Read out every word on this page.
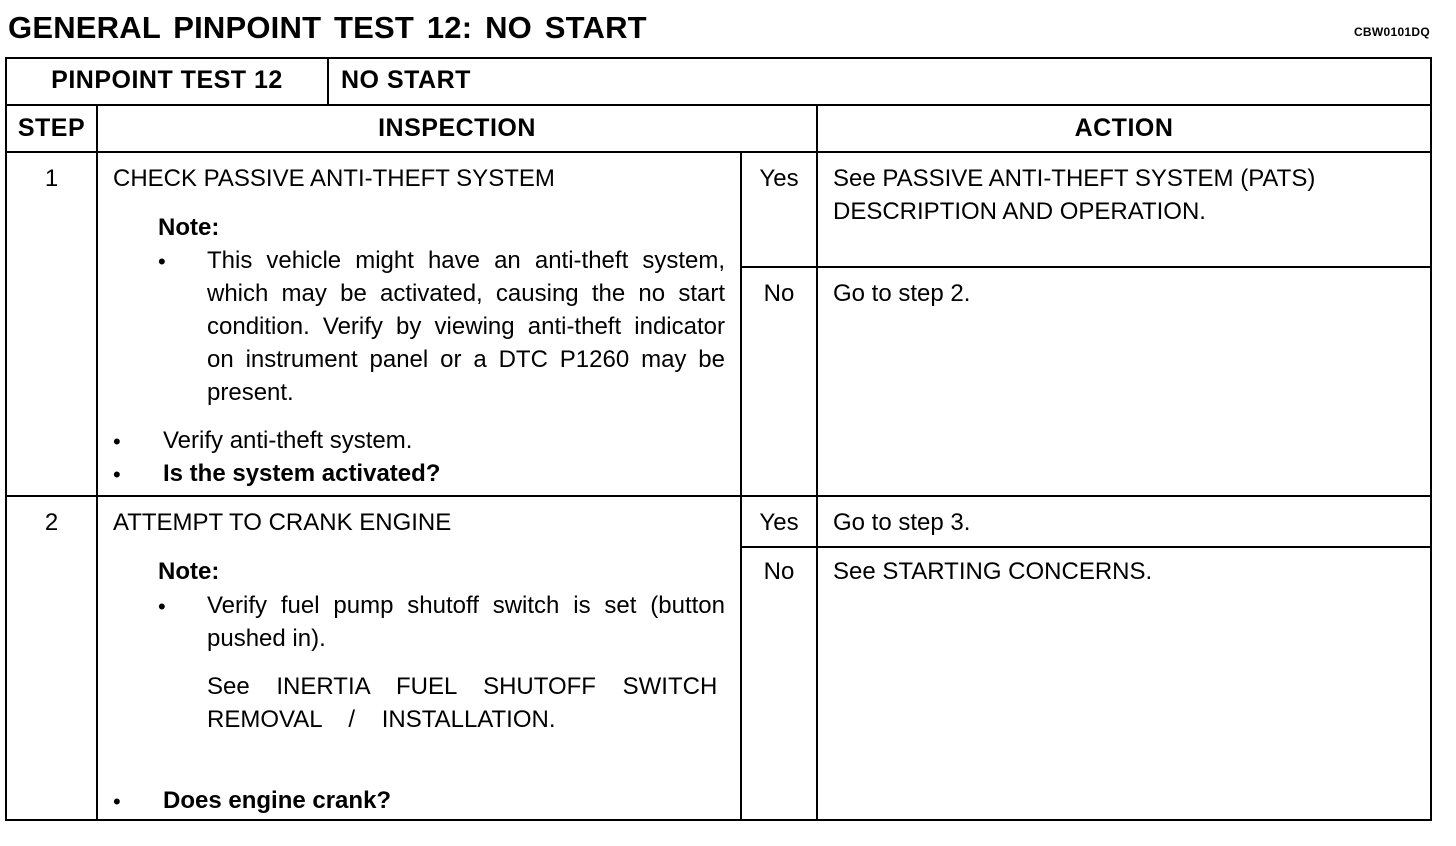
GENERAL PINPOINT TEST 12: NO START	CBW0101DQ
PINPOINT TEST 12	NO START
STEP	INSPECTION	ACTION
1	CHECK PASSIVE ANTI-THEFT SYSTEM
Note:
• This vehicle might have an anti-theft system, which may be activated, causing the no start condition. Verify by viewing anti-theft indicator on instrument panel or a DTC P1260 may be present.
• Verify anti-theft system.
• Is the system activated?
Yes	See PASSIVE ANTI-THEFT SYSTEM (PATS) DESCRIPTION AND OPERATION.
No	Go to step 2.
2	ATTEMPT TO CRANK ENGINE
Note:
• Verify fuel pump shutoff switch is set (button pushed in).
See INERTIA FUEL SHUTOFF SWITCH REMOVAL / INSTALLATION.
• Does engine crank?
Yes	Go to step 3.
No	See STARTING CONCERNS.
